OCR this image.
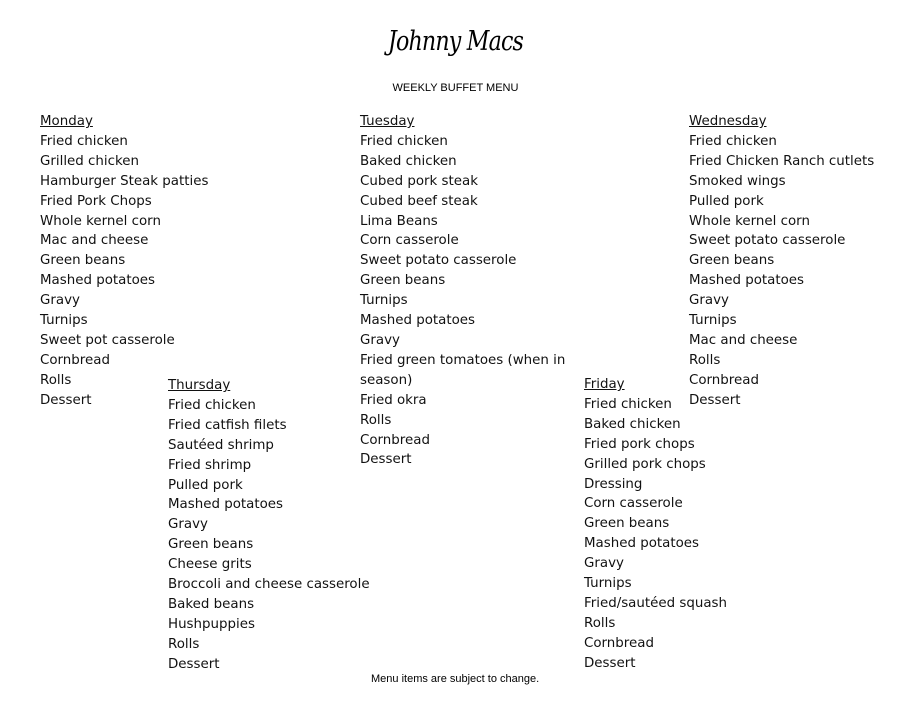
Johnny Macs
WEEKLY BUFFET MENU
Monday
Fried chicken
Grilled chicken
Hamburger Steak patties
Fried Pork Chops
Whole kernel corn
Mac and cheese
Green beans
Mashed potatoes
Gravy
Turnips
Sweet pot casserole
Cornbread
Rolls
Dessert
Tuesday
Fried chicken
Baked chicken
Cubed pork steak
Cubed beef steak
Lima Beans
Corn casserole
Sweet potato casserole
Green beans
Turnips
Mashed potatoes
Gravy
Fried green tomatoes (when in season)
Fried okra
Rolls
Cornbread
Dessert
Wednesday
Fried chicken
Fried Chicken Ranch cutlets
Smoked wings
Pulled pork
Whole kernel corn
Sweet potato casserole
Green beans
Mashed potatoes
Gravy
Turnips
Mac and cheese
Rolls
Cornbread
Dessert
Thursday
Fried chicken
Fried catfish filets
Sautéed shrimp
Fried shrimp
Pulled pork
Mashed potatoes
Gravy
Green beans
Cheese grits
Broccoli and cheese casserole
Baked beans
Hushpuppies
Rolls
Dessert
Friday
Fried chicken
Baked chicken
Fried pork chops
Grilled pork chops
Dressing
Corn casserole
Green beans
Mashed potatoes
Gravy
Turnips
Fried/sautéed squash
Rolls
Cornbread
Dessert
Menu items are subject to change.
